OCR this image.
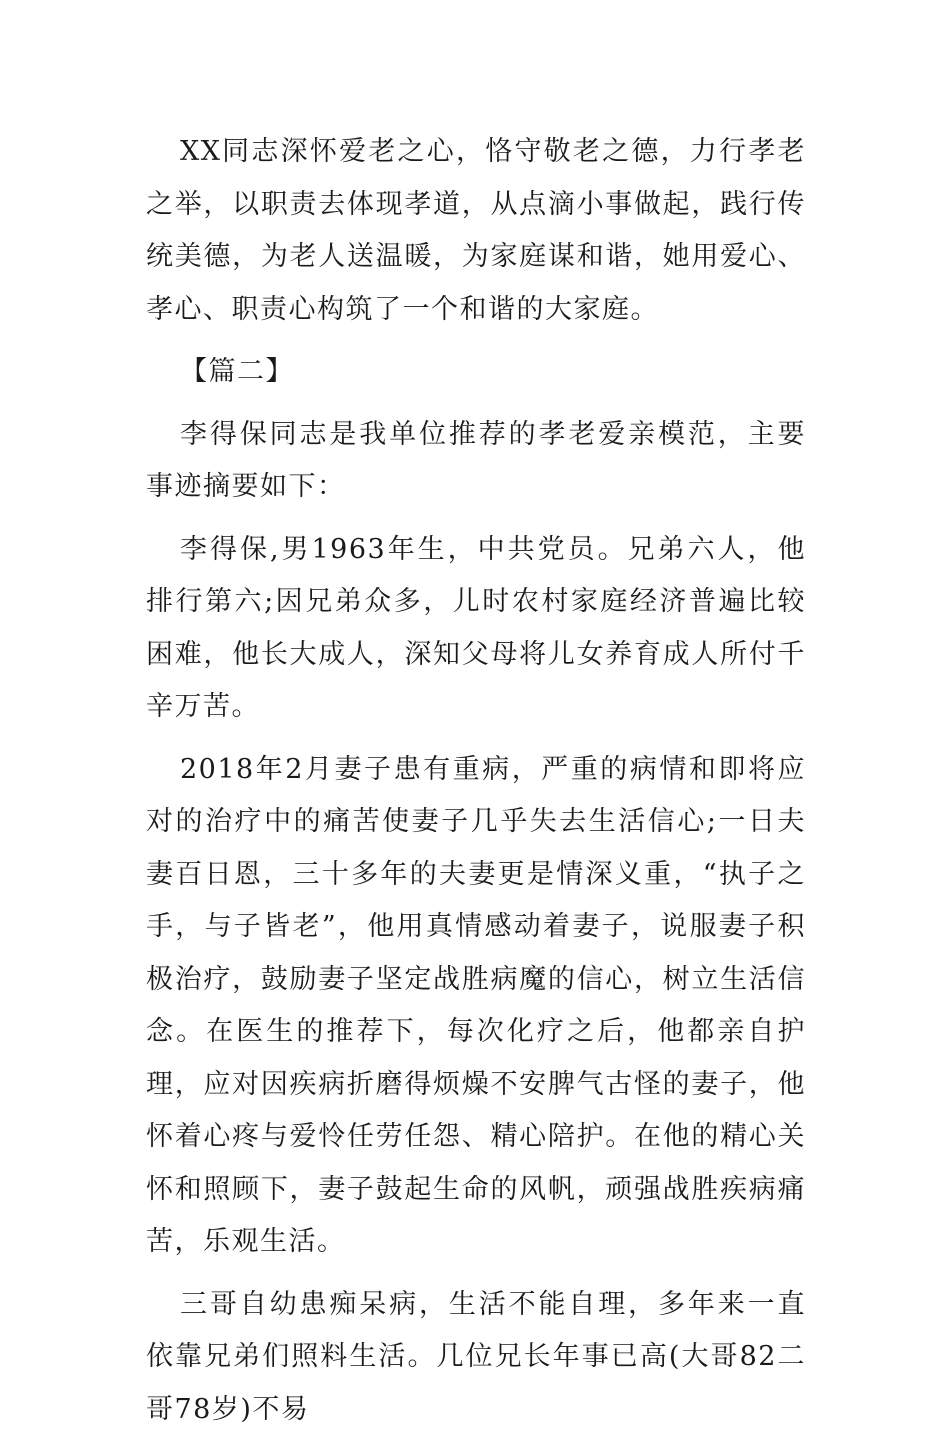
XX同志深怀爱老之心，恪守敬老之德，力行孝老之举，以职责去体现孝道，从点滴小事做起，践行传统美德，为老人送温暖，为家庭谋和谐，她用爱心、孝心、职责心构筑了一个和谐的大家庭。

【篇二】

李得保同志是我单位推荐的孝老爱亲模范，主要事迹摘要如下：

李得保,男1963年生，中共党员。兄弟六人，他排行第六;因兄弟众多，儿时农村家庭经济普遍比较困难，他长大成人，深知父母将儿女养育成人所付千辛万苦。

2018年2月妻子患有重病，严重的病情和即将应对的治疗中的痛苦使妻子几乎失去生活信心;一日夫妻百日恩，三十多年的夫妻更是情深义重，“执子之手，与子皆老”，他用真情感动着妻子，说服妻子积极治疗，鼓励妻子坚定战胜病魔的信心，树立生活信念。在医生的推荐下，每次化疗之后，他都亲自护理，应对因疾病折磨得烦燥不安脾气古怪的妻子，他怀着心疼与爱怜任劳任怨、精心陪护。在他的精心关怀和照顾下，妻子鼓起生命的风帆，顽强战胜疾病痛苦，乐观生活。

三哥自幼患痴呆病，生活不能自理，多年来一直依靠兄弟们照料生活。几位兄长年事已高(大哥82二哥78岁)不易
